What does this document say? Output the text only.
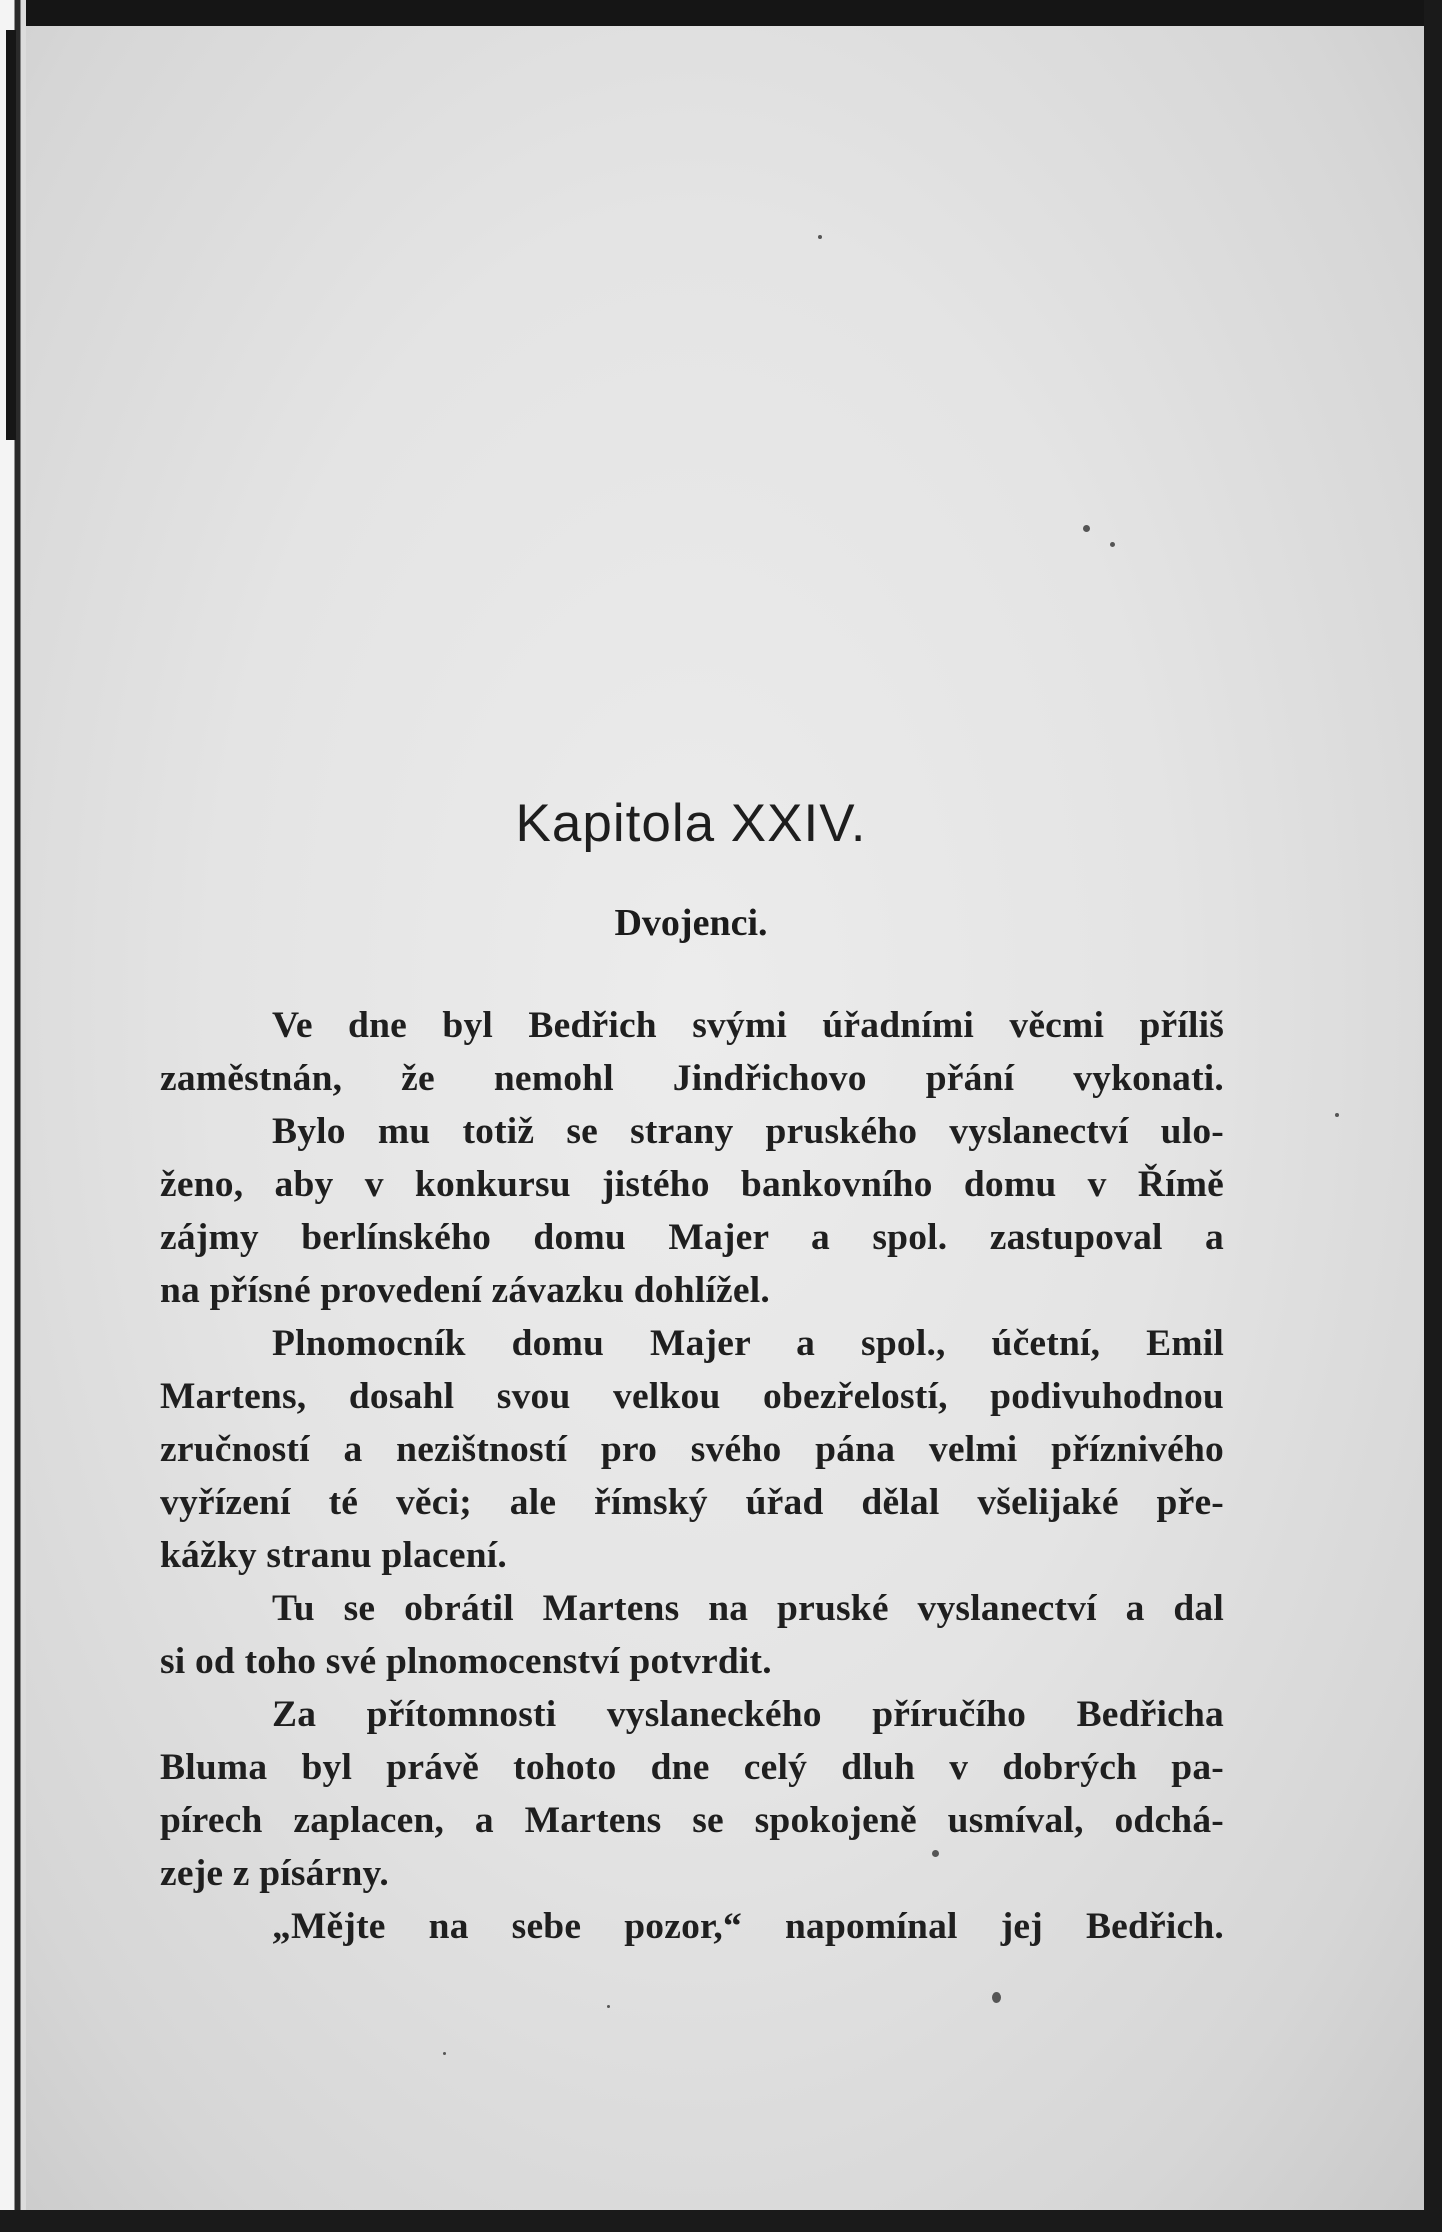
Kapitola XXIV.
Dvojenci.
Ve dne byl Bedřich svými úřadními věcmi příliš
zaměstnán, že nemohl Jindřichovo přání vykonati.
Bylo mu totiž se strany pruského vyslanectví ulo-
ženo, aby v konkursu jistého bankovního domu v Římě
zájmy berlínského domu Majer a spol. zastupoval a
na přísné provedení závazku dohlížel.
Plnomocník domu Majer a spol., účetní, Emil
Martens, dosahl svou velkou obezřelostí, podivuhodnou
zručností a nezištností pro svého pána velmi příznivého
vyřízení té věci; ale římský úřad dělal všelijaké pře-
kážky stranu placení.
Tu se obrátil Martens na pruské vyslanectví a dal
si od toho své plnomocenství potvrdit.
Za přítomnosti vyslaneckého příručího Bedřicha
Bluma byl právě tohoto dne celý dluh v dobrých pa-
pírech zaplacen, a Martens se spokojeně usmíval, odchá-
zeje z písárny.
„Mějte na sebe pozor,“ napomínal jej Bedřich.
